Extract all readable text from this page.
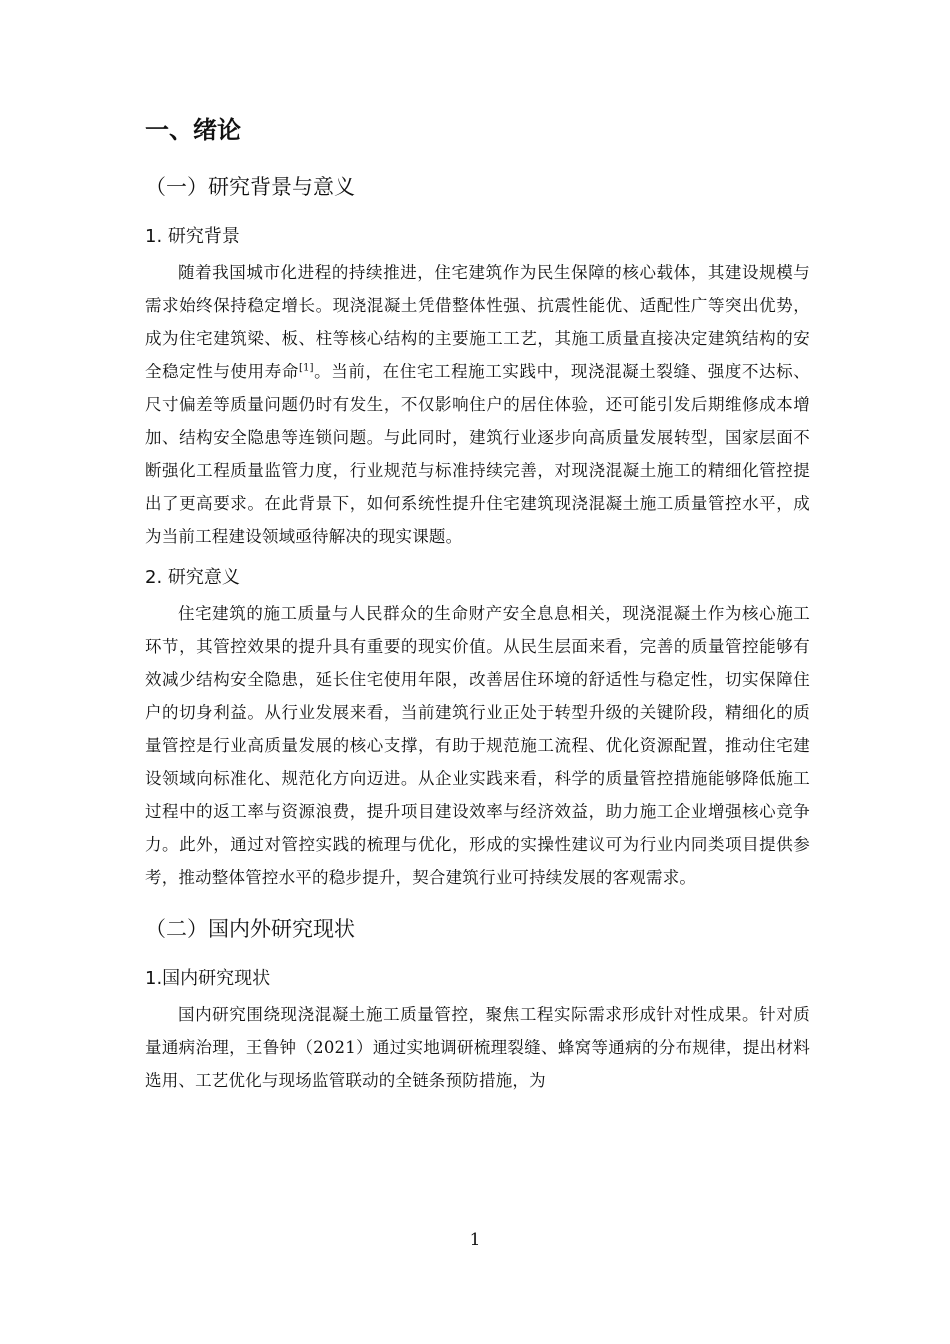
一、绪论
（一）研究背景与意义
1. 研究背景

随着我国城市化进程的持续推进，住宅建筑作为民生保障的核心载体，其建设规模与需求始终保持稳定增长。现浇混凝土凭借整体性强、抗震性能优、适配性广等突出优势，成为住宅建筑梁、板、柱等核心结构的主要施工工艺，其施工质量直接决定建筑结构的安全稳定性与使用寿命[1]。当前，在住宅工程施工实践中，现浇混凝土裂缝、强度不达标、尺寸偏差等质量问题仍时有发生，不仅影响住户的居住体验，还可能引发后期维修成本增加、结构安全隐患等连锁问题。与此同时，建筑行业逐步向高质量发展转型，国家层面不断强化工程质量监管力度，行业规范与标准持续完善，对现浇混凝土施工的精细化管控提出了更高要求。在此背景下，如何系统性提升住宅建筑现浇混凝土施工质量管控水平，成为当前工程建设领域亟待解决的现实课题。

2. 研究意义

住宅建筑的施工质量与人民群众的生命财产安全息息相关，现浇混凝土作为核心施工环节，其管控效果的提升具有重要的现实价值。从民生层面来看，完善的质量管控能够有效减少结构安全隐患，延长住宅使用年限，改善居住环境的舒适性与稳定性，切实保障住户的切身利益。从行业发展来看，当前建筑行业正处于转型升级的关键阶段，精细化的质量管控是行业高质量发展的核心支撑，有助于规范施工流程、优化资源配置，推动住宅建设领域向标准化、规范化方向迈进。从企业实践来看，科学的质量管控措施能够降低施工过程中的返工率与资源浪费，提升项目建设效率与经济效益，助力施工企业增强核心竞争力。此外，通过对管控实践的梳理与优化，形成的实操性建议可为行业内同类项目提供参考，推动整体管控水平的稳步提升，契合建筑行业可持续发展的客观需求。

（二）国内外研究现状
1.国内研究现状

国内研究围绕现浇混凝土施工质量管控，聚焦工程实际需求形成针对性成果。针对质量通病治理，王鲁钟（2021）通过实地调研梳理裂缝、蜂窝等通病的分布规律，提出材料选用、工艺优化与现场监管联动的全链条预防措施，为

1
